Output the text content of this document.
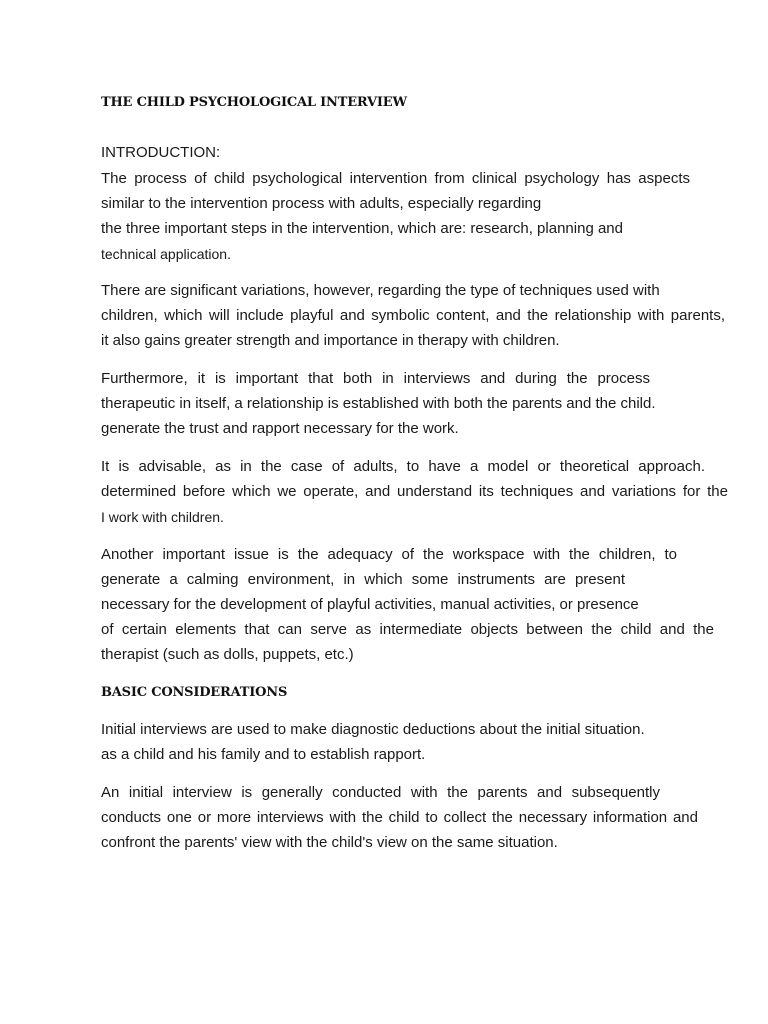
THE CHILD PSYCHOLOGICAL INTERVIEW
INTRODUCTION:
The process of child psychological intervention from clinical psychology has aspects
similar to the intervention process with adults, especially regarding
the three important steps in the intervention, which are: research, planning and
technical application.
There are significant variations, however, regarding the type of techniques used with
children, which will include playful and symbolic content, and the relationship with parents,
it also gains greater strength and importance in therapy with children.
Furthermore, it is important that both in interviews and during the process
therapeutic in itself, a relationship is established with both the parents and the child.
generate the trust and rapport necessary for the work.
It is advisable, as in the case of adults, to have a model or theoretical approach.
determined before which we operate, and understand its techniques and variations for the
I work with children.
Another important issue is the adequacy of the workspace with the children, to
generate a calming environment, in which some instruments are present
necessary for the development of playful activities, manual activities, or presence
of certain elements that can serve as intermediate objects between the child and the
therapist (such as dolls, puppets, etc.)
BASIC CONSIDERATIONS
Initial interviews are used to make diagnostic deductions about the initial situation.
as a child and his family and to establish rapport.
An initial interview is generally conducted with the parents and subsequently
conducts one or more interviews with the child to collect the necessary information and
confront the parents' view with the child's view on the same situation.
